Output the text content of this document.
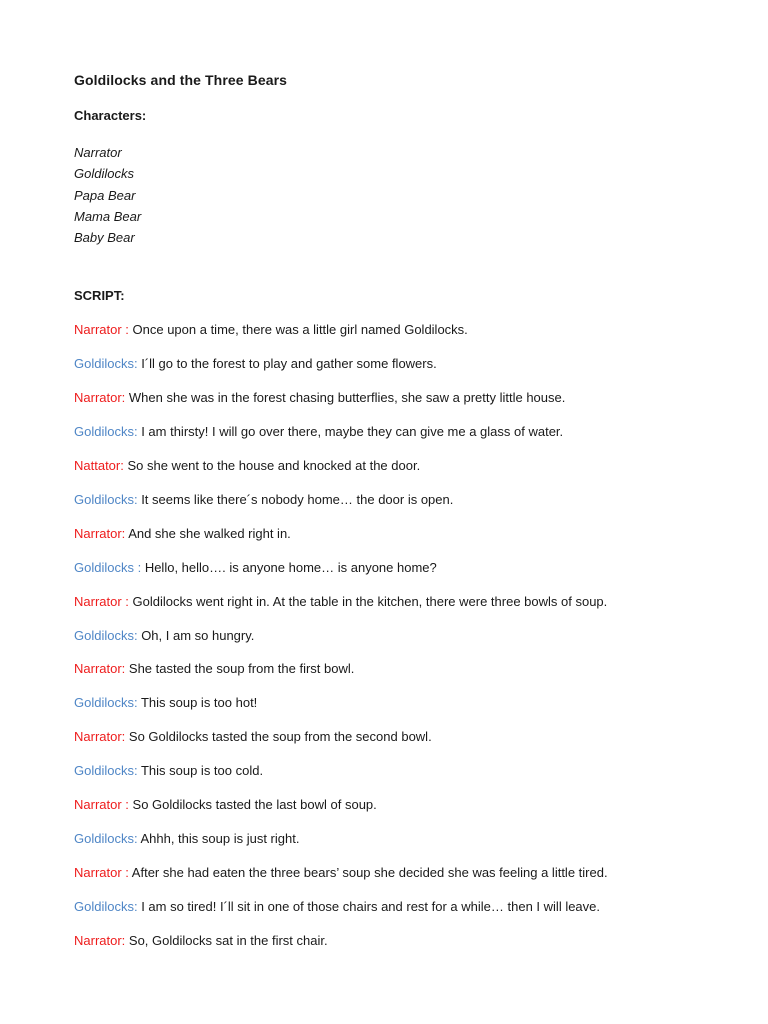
Goldilocks and the Three Bears
Characters:
Narrator
Goldilocks
Papa Bear
Mama Bear
Baby Bear
SCRIPT:

Narrator : Once upon a time, there was a little girl named Goldilocks.

Goldilocks: I´ll go to the forest to play and gather some flowers.

Narrator: When she was in the forest chasing butterflies, she saw a pretty little house.

Goldilocks: I am thirsty! I will go over there, maybe they can give me a glass of water.

Nattator: So she went to the house and knocked at the door.

Goldilocks: It seems like there´s nobody home… the door is open.

Narrator: And she she walked right in.

Goldilocks : Hello, hello…. is anyone home… is anyone home?

Narrator : Goldilocks went right in. At the table in the kitchen, there were three bowls of soup.

Goldilocks: Oh, I am so hungry.

Narrator: She tasted the soup from the first bowl.

Goldilocks: This soup is too hot!

Narrator: So Goldilocks tasted the soup from the second bowl.

Goldilocks: This soup is too cold.

Narrator : So Goldilocks tasted the last bowl of soup.

Goldilocks: Ahhh, this soup is just right.

Narrator : After she had eaten the three bears’ soup she decided she was feeling a little tired.

Goldilocks: I am so tired! I´ll sit in one of those chairs and rest for a while… then I will leave.

Narrator: So, Goldilocks sat in the first chair.
